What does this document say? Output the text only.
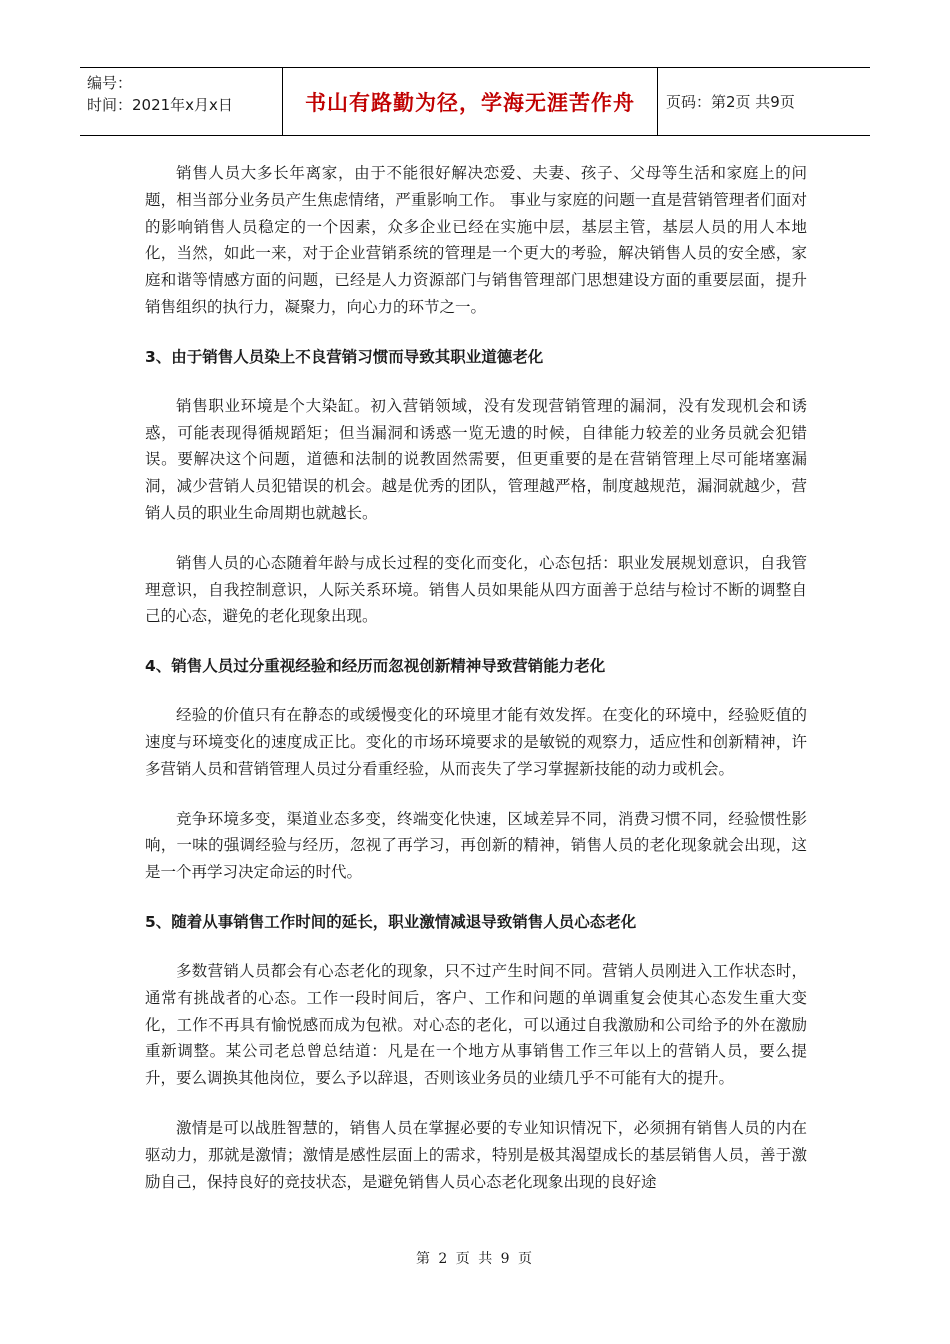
编号：
时间：2021年x月x日	书山有路勤为径，学海无涯苦作舟 页码：第2页 共9页

销售人员大多长年离家，由于不能很好解决恋爱、夫妻、孩子、父母等生活和家庭上的问题，相当部分业务员产生焦虑情绪，严重影响工作。 事业与家庭的问题一直是营销管理者们面对的影响销售人员稳定的一个因素，众多企业已经在实施中层，基层主管，基层人员的用人本地化，当然，如此一来，对于企业营销系统的管理是一个更大的考验，解决销售人员的安全感，家庭和谐等情感方面的问题，已经是人力资源部门与销售管理部门思想建设方面的重要层面，提升销售组织的执行力，凝聚力，向心力的环节之一。

3、由于销售人员染上不良营销习惯而导致其职业道德老化

销售职业环境是个大染缸。初入营销领域，没有发现营销管理的漏洞，没有发现机会和诱惑，可能表现得循规蹈矩；但当漏洞和诱惑一览无遗的时候，自律能力较差的业务员就会犯错误。要解决这个问题，道德和法制的说教固然需要，但更重要的是在营销管理上尽可能堵塞漏洞，减少营销人员犯错误的机会。越是优秀的团队，管理越严格，制度越规范，漏洞就越少，营销人员的职业生命周期也就越长。

销售人员的心态随着年龄与成长过程的变化而变化，心态包括：职业发展规划意识，自我管理意识，自我控制意识，人际关系环境。销售人员如果能从四方面善于总结与检讨不断的调整自己的心态，避免的老化现象出现。

4、销售人员过分重视经验和经历而忽视创新精神导致营销能力老化

经验的价值只有在静态的或缓慢变化的环境里才能有效发挥。在变化的环境中，经验贬值的速度与环境变化的速度成正比。变化的市场环境要求的是敏锐的观察力，适应性和创新精神，许多营销人员和营销管理人员过分看重经验，从而丧失了学习掌握新技能的动力或机会。

竞争环境多变，渠道业态多变，终端变化快速，区域差异不同，消费习惯不同，经验惯性影响，一味的强调经验与经历，忽视了再学习，再创新的精神，销售人员的老化现象就会出现，这是一个再学习决定命运的时代。

5、随着从事销售工作时间的延长，职业激情减退导致销售人员心态老化

多数营销人员都会有心态老化的现象，只不过产生时间不同。营销人员刚进入工作状态时，通常有挑战者的心态。工作一段时间后，客户、工作和问题的单调重复会使其心态发生重大变化，工作不再具有愉悦感而成为包袱。对心态的老化，可以通过自我激励和公司给予的外在激励重新调整。某公司老总曾总结道：凡是在一个地方从事销售工作三年以上的营销人员，要么提升，要么调换其他岗位，要么予以辞退，否则该业务员的业绩几乎不可能有大的提升。

激情是可以战胜智慧的，销售人员在掌握必要的专业知识情况下，必须拥有销售人员的内在驱动力，那就是激情；激情是感性层面上的需求，特别是极其渴望成长的基层销售人员，善于激励自己，保持良好的竞技状态，是避免销售人员心态老化现象出现的良好途

第 2 页 共 9 页
